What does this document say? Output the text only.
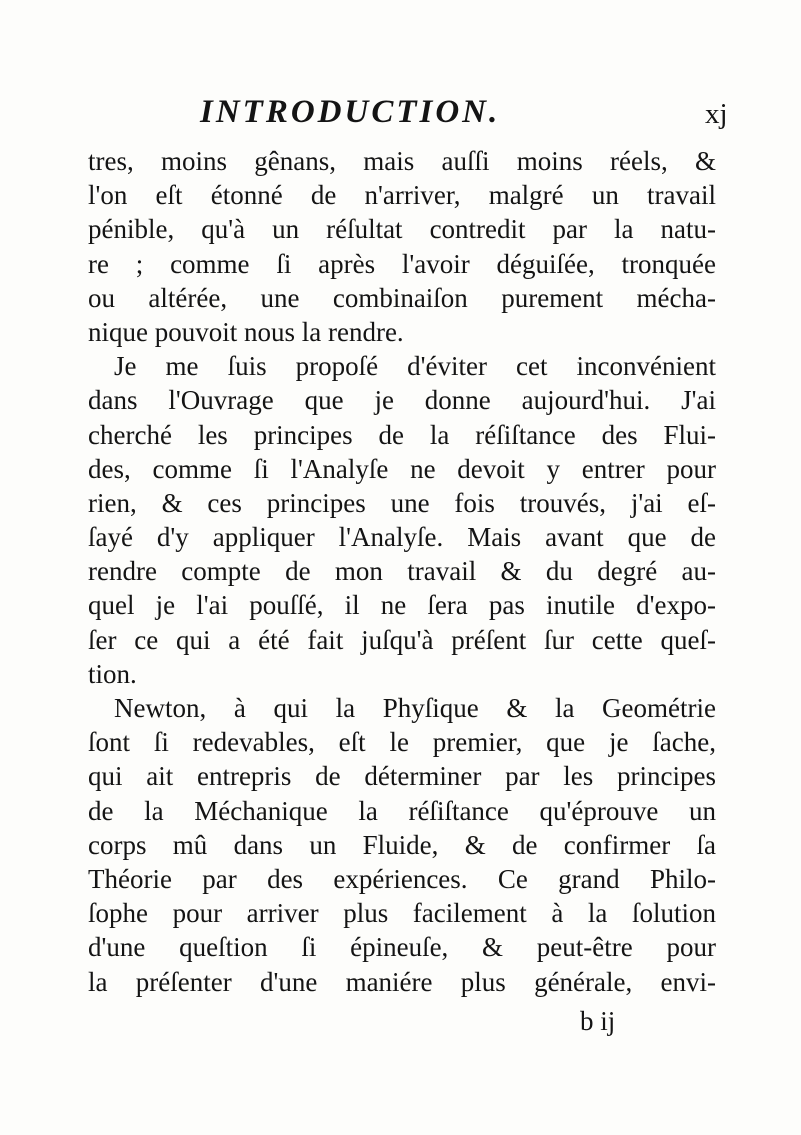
INTRODUCTION.	xj
tres, moins gênans, mais auſſi moins réels, &
l'on eſt étonné de n'arriver, malgré un travail
pénible, qu'à un réſultat contredit par la natu-
re ; comme ſi après l'avoir déguiſée, tronquée
ou altérée, une combinaiſon purement mécha-
nique pouvoit nous la rendre.
Je me ſuis propoſé d'éviter cet inconvénient
dans l'Ouvrage que je donne aujourd'hui. J'ai
cherché les principes de la réſiſtance des Flui-
des, comme ſi l'Analyſe ne devoit y entrer pour
rien, & ces principes une fois trouvés, j'ai eſ-
ſayé d'y appliquer l'Analyſe. Mais avant que de
rendre compte de mon travail & du degré au-
quel je l'ai pouſſé, il ne ſera pas inutile d'expo-
ſer ce qui a été fait juſqu'à préſent ſur cette queſ-
tion.
Newton, à qui la Phyſique & la Geométrie
ſont ſi redevables, eſt le premier, que je ſache,
qui ait entrepris de déterminer par les principes
de la Méchanique la réſiſtance qu'éprouve un
corps mû dans un Fluide, & de confirmer ſa
Théorie par des expériences. Ce grand Philo-
ſophe pour arriver plus facilement à la ſolution
d'une queſtion ſi épineuſe, & peut-être pour
la préſenter d'une maniére plus générale, envi-
b ij
